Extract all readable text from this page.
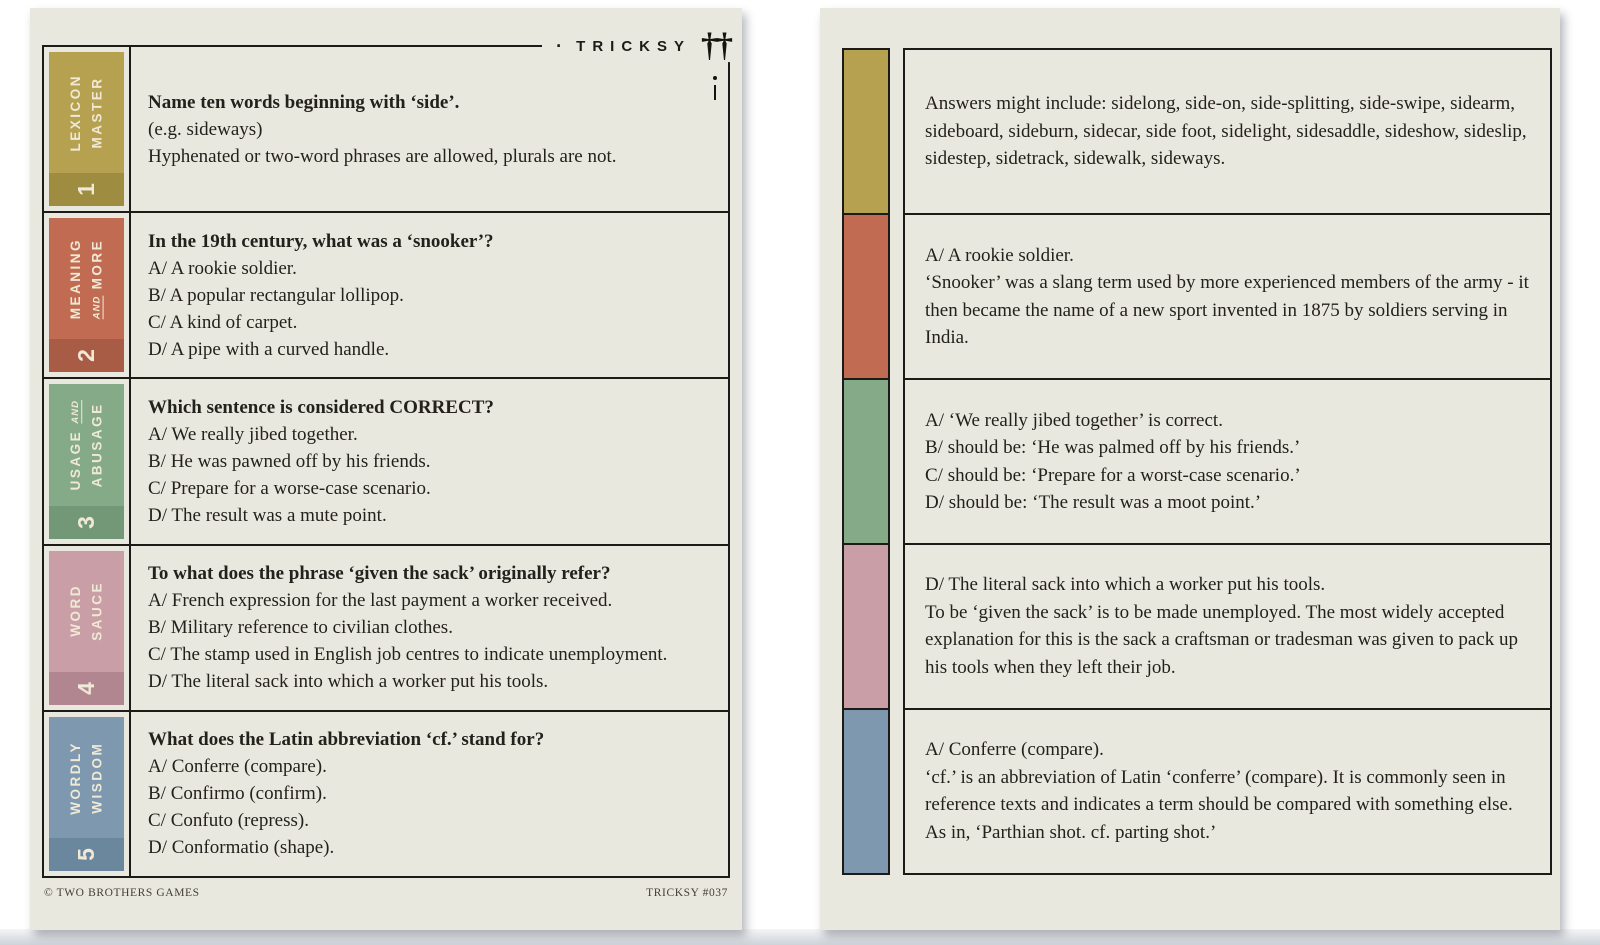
· TRICKSY ††
LEXICON MASTER
1
Name ten words beginning with ‘side’.
(e.g. sideways)
Hyphenated or two-word phrases are allowed, plurals are not.
MEANING AND MORE
2
In the 19th century, what was a ‘snooker’?
A/ A rookie soldier.
B/ A popular rectangular lollipop.
C/ A kind of carpet.
D/ A pipe with a curved handle.
USAGE AND ABUSAGE
3
Which sentence is considered CORRECT?
A/ We really jibed together.
B/ He was pawned off by his friends.
C/ Prepare for a worse-case scenario.
D/ The result was a mute point.
WORD SAUCE
4
To what does the phrase ‘given the sack’ originally refer?
A/ French expression for the last payment a worker received.
B/ Military reference to civilian clothes.
C/ The stamp used in English job centres to indicate unemployment.
D/ The literal sack into which a worker put his tools.
WORDLY WISDOM
5
What does the Latin abbreviation ‘cf.’ stand for?
A/ Conferre (compare).
B/ Confirmo (confirm).
C/ Confuto (repress).
D/ Conformatio (shape).
© TWO BROTHERS GAMES	TRICKSY #037
Answers might include: sidelong, side-on, side-splitting, side-swipe, sidearm, sideboard, sideburn, sidecar, side foot, sidelight, sidesaddle, sideshow, sideslip, sidestep, sidetrack, sidewalk, sideways.
A/ A rookie soldier.
‘Snooker’ was a slang term used by more experienced members of the army - it then became the name of a new sport invented in 1875 by soldiers serving in India.
A/ ‘We really jibed together’ is correct.
B/ should be: ‘He was palmed off by his friends.’
C/ should be: ‘Prepare for a worst-case scenario.’
D/ should be: ‘The result was a moot point.’
D/ The literal sack into which a worker put his tools.
To be ‘given the sack’ is to be made unemployed. The most widely accepted explanation for this is the sack a craftsman or tradesman was given to pack up his tools when they left their job.
A/ Conferre (compare).
‘cf.’ is an abbreviation of Latin ‘conferre’ (compare). It is commonly seen in reference texts and indicates a term should be compared with something else. As in, ‘Parthian shot. cf. parting shot.’
